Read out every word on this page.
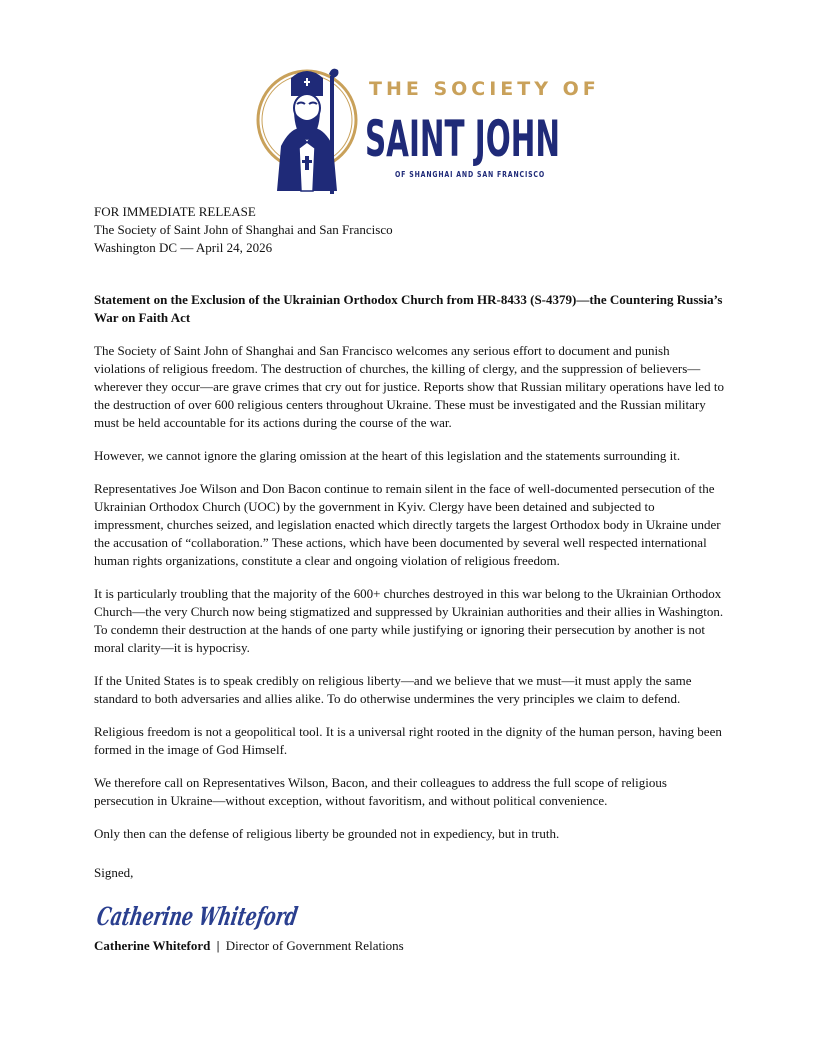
THE SOCIETY OF
SAINT JOHN
OF SHANGHAI AND SAN FRANCISCO
FOR IMMEDIATE RELEASE
The Society of Saint John of Shanghai and San Francisco
Washington DC — April 24, 2026
Statement on the Exclusion of the Ukrainian Orthodox Church from HR-8433 (S-4379)—the Countering Russia’s War on Faith Act

The Society of Saint John of Shanghai and San Francisco welcomes any serious effort to document and punish violations of religious freedom. The destruction of churches, the killing of clergy, and the suppression of believers—wherever they occur—are grave crimes that cry out for justice. Reports show that Russian military operations have led to the destruction of over 600 religious centers throughout Ukraine. These must be investigated and the Russian military must be held accountable for its actions during the course of the war.

However, we cannot ignore the glaring omission at the heart of this legislation and the statements surrounding it.

Representatives Joe Wilson and Don Bacon continue to remain silent in the face of well-documented persecution of the Ukrainian Orthodox Church (UOC) by the government in Kyiv. Clergy have been detained and subjected to impressment, churches seized, and legislation enacted which directly targets the largest Orthodox body in Ukraine under the accusation of “collaboration.” These actions, which have been documented by several well respected international human rights organizations, constitute a clear and ongoing violation of religious freedom.

It is particularly troubling that the majority of the 600+ churches destroyed in this war belong to the Ukrainian Orthodox Church—the very Church now being stigmatized and suppressed by Ukrainian authorities and their allies in Washington. To condemn their destruction at the hands of one party while justifying or ignoring their persecution by another is not moral clarity—it is hypocrisy.

If the United States is to speak credibly on religious liberty—and we believe that we must—it must apply the same standard to both adversaries and allies alike. To do otherwise undermines the very principles we claim to defend.

Religious freedom is not a geopolitical tool. It is a universal right rooted in the dignity of the human person, having been formed in the image of God Himself.

We therefore call on Representatives Wilson, Bacon, and their colleagues to address the full scope of religious persecution in Ukraine—without exception, without favoritism, and without political convenience.

Only then can the defense of religious liberty be grounded not in expediency, but in truth.

Signed,
Catherine Whiteford
Catherine Whiteford | Director of Government Relations
